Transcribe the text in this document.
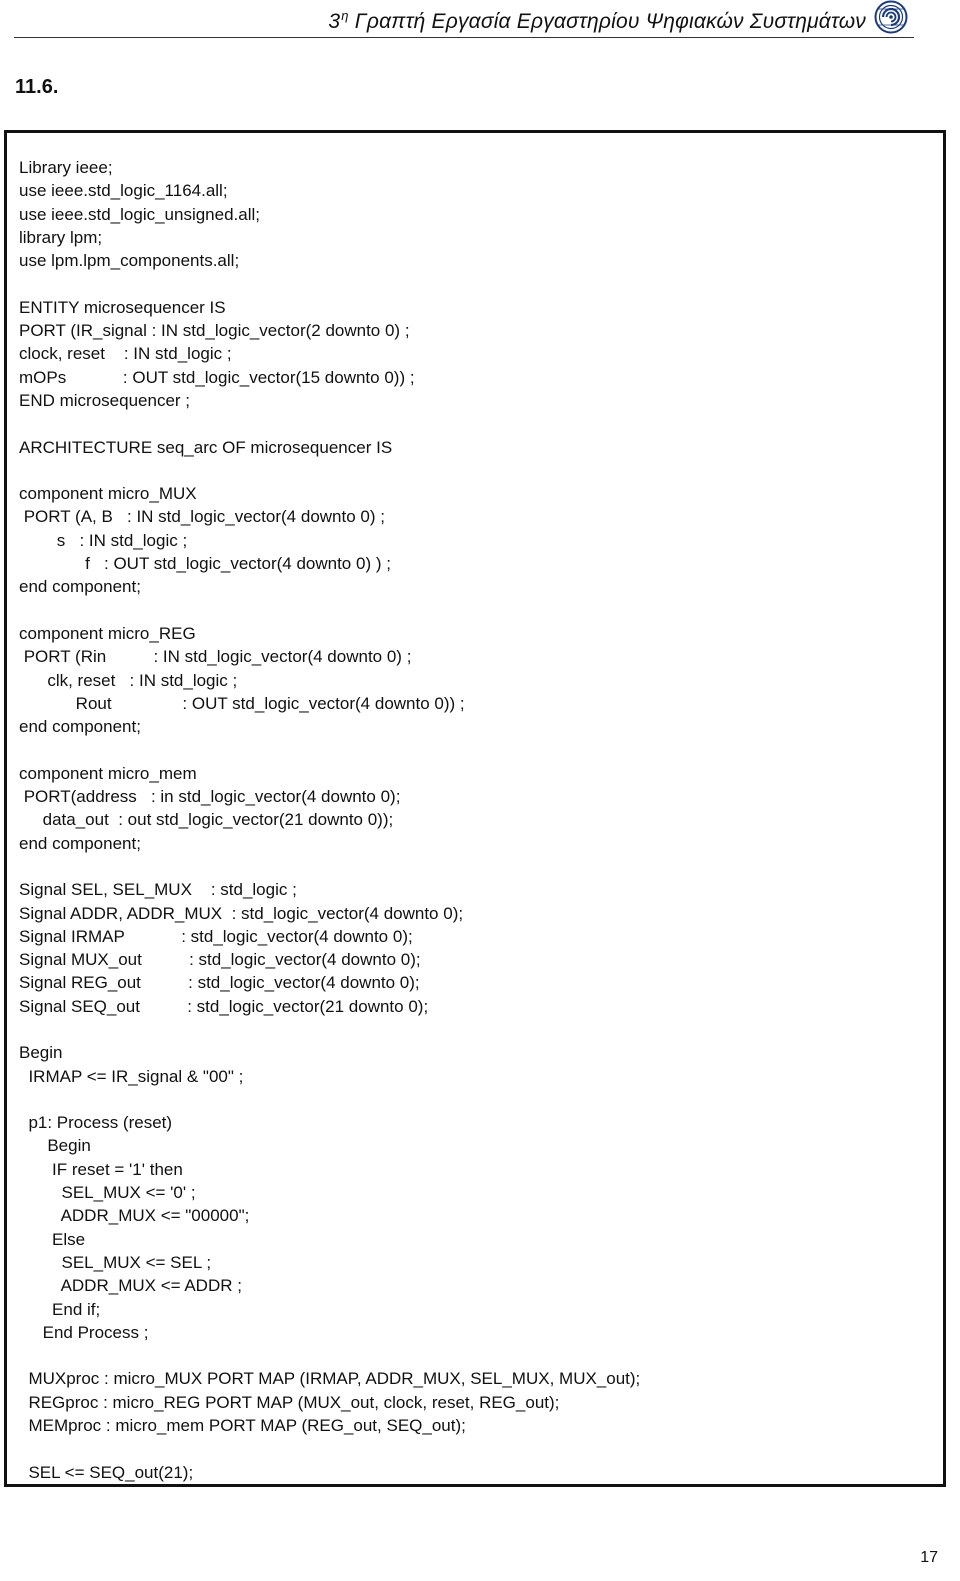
$3^\eta$ Γραπτή Εργασία Εργαστηρίου Ψηφιακών Συστημάτων
11.6.
Library ieee;
use ieee.std_logic_1164.all;
use ieee.std_logic_unsigned.all;
library lpm;
use lpm.lpm_components.all;
ENTITY microsequencer IS
PORT (IR_signal : IN std_logic_vector(2 downto 0) ;
clock, reset    : IN std_logic ;
mOPs            : OUT std_logic_vector(15 downto 0)) ;
END microsequencer ;
ARCHITECTURE seq_arc OF microsequencer IS
component micro_MUX
PORT (A, B   : IN std_logic_vector(4 downto 0) ;
s   : IN std_logic ;
f   : OUT std_logic_vector(4 downto 0) ) ;
end component;
component micro_REG
PORT (Rin          : IN std_logic_vector(4 downto 0) ;
clk, reset   : IN std_logic ;
Rout               : OUT std_logic_vector(4 downto 0)) ;
end component;
component micro_mem
PORT(address   : in std_logic_vector(4 downto 0);
data_out  : out std_logic_vector(21 downto 0));
end component;
Signal SEL, SEL_MUX    : std_logic ;
Signal ADDR, ADDR_MUX  : std_logic_vector(4 downto 0);
Signal IRMAP            : std_logic_vector(4 downto 0);
Signal MUX_out          : std_logic_vector(4 downto 0);
Signal REG_out          : std_logic_vector(4 downto 0);
Signal SEQ_out          : std_logic_vector(21 downto 0);
Begin
IRMAP <= IR_signal & "00" ;
p1: Process (reset)
Begin
IF reset = '1' then
SEL_MUX <= '0' ;
ADDR_MUX <= "00000";
Else
SEL_MUX <= SEL ;
ADDR_MUX <= ADDR ;
End if;
End Process ;
MUXproc : micro_MUX PORT MAP (IRMAP, ADDR_MUX, SEL_MUX, MUX_out);
REGproc : micro_REG PORT MAP (MUX_out, clock, reset, REG_out);
MEMproc : micro_mem PORT MAP (REG_out, SEQ_out);
SEL <= SEQ_out(21);
17
